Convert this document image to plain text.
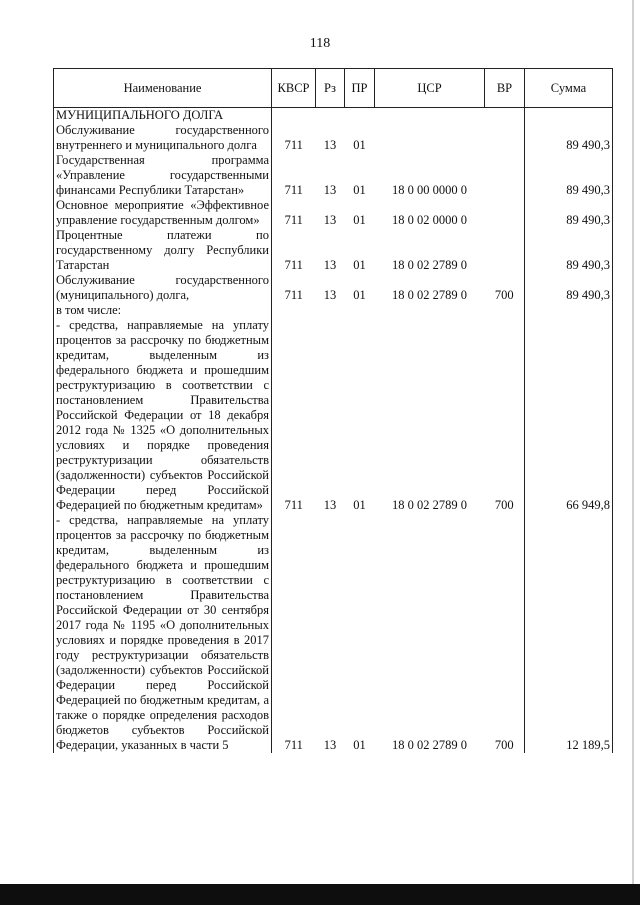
118
Наименование	КВСР	Рз	ПР	ЦСР	ВР	Сумма
МУНИЦИПАЛЬНОГО ДОЛГА						
Обслуживание государственного внутреннего и муниципального долга	711	13	01			89 490,3
Государственная программа «Управление государственными финансами Республики Татарстан»	711	13	01	18 0 00 0000 0		89 490,3
Основное мероприятие «Эффективное управление государственным долгом»	711	13	01	18 0 02 0000 0		89 490,3
Процентные платежи по государственному долгу Республики Татарстан	711	13	01	18 0 02 2789 0		89 490,3
Обслуживание государственного (муниципального) долга,	711	13	01	18 0 02 2789 0	700	89 490,3
в том числе:						
- средства, направляемые на уплату процентов за рассрочку по бюджетным кредитам, выделенным из федерального бюджета и прошедшим реструктуризацию в соответствии с постановлением Правительства Российской Федерации от 18 декабря 2012 года № 1325 «О дополнительных условиях и порядке проведения реструктуризации обязательств (задолженности) субъектов Российской Федерации перед Российской Федерацией по бюджетным кредитам»	711	13	01	18 0 02 2789 0	700	66 949,8
- средства, направляемые на уплату процентов за рассрочку по бюджетным кредитам, выделенным из федерального бюджета и прошедшим реструктуризацию в соответствии с постановлением Правительства Российской Федерации от 30 сентября 2017 года № 1195 «О дополнительных условиях и порядке проведения в 2017 году реструктуризации обязательств (задолженности) субъектов Российской Федерации перед Российской Федерацией по бюджетным кредитам, а также о порядке определения расходов бюджетов субъектов Российской Федерации, указанных в части 5	711	13	01	18 0 02 2789 0	700	12 189,5
